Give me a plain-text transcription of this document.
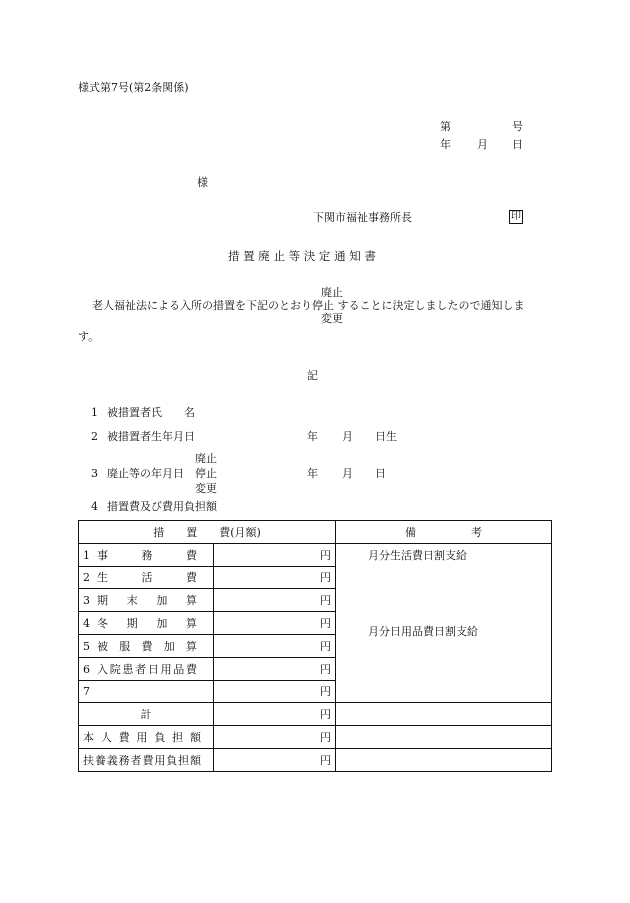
様式第7号(第2条関係)
第	号
年 月 日
様
下関市福祉事務所長	印
措 置 廃 止 等 決 定 通 知 書
廃止
老人福祉法による入所の措置を下記のとおり停止 することに決定しましたので通知しま
変更
す。
記
1 被措置者氏　　名
2 被措置者生年月日	年 月 日生
廃止
3 廃止等の年月日 停止	年 月 日
変更
4 措置費及び費用負担額
措　　置　　費(月額)		備　　　　　考
1 事務費	円	月分生活費日割支給
月分日用品費日割支給

2 生活費	円	
3 期末加算	円	
4 冬期加算	円	
5 被服費加算	円	
6 入院患者日用品費	円	
7	円	
計	円	
本人費用負担額	円	
扶養義務者費用負担額	円	
